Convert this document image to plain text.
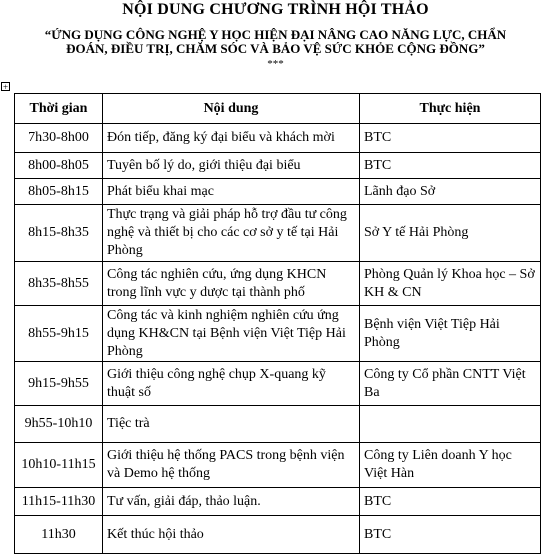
NỘI DUNG CHƯƠNG TRÌNH HỘI THẢO
“ỨNG DỤNG CÔNG NGHỆ Y HỌC HIỆN ĐẠI NÂNG CAO NĂNG LỰC, CHẨN
ĐOÁN, ĐIỀU TRỊ, CHĂM SÓC VÀ BẢO VỆ SỨC KHỎE CỘNG ĐỒNG”
***
+
Thời gian	Nội dung	Thực hiện
7h30-8h00	Đón tiếp, đăng ký đại biểu và khách mời	BTC
8h00-8h05	Tuyên bố lý do, giới thiệu đại biểu	BTC
8h05-8h15	Phát biểu khai mạc	Lãnh đạo Sở
8h15-8h35	Thực trạng và giải pháp hỗ trợ đầu tư công nghệ và thiết bị cho các cơ sở y tế tại Hải Phòng	Sở Y tế Hải Phòng
8h35-8h55	Công tác nghiên cứu, ứng dụng KHCN trong lĩnh vực y dược tại thành phố	Phòng Quản lý Khoa học – Sở KH & CN
8h55-9h15	Công tác và kinh nghiệm nghiên cứu ứng dụng KH&CN tại Bệnh viện Việt Tiệp Hải Phòng	Bệnh viện Việt Tiệp Hải Phòng
9h15-9h55	Giới thiệu công nghệ chụp X-quang kỹ thuật số	Công ty Cổ phần CNTT Việt Ba
9h55-10h10	Tiệc trà	
10h10-11h15	Giới thiệu hệ thống PACS trong bệnh viện và Demo hệ thống	Công ty Liên doanh Y học Việt Hàn
11h15-11h30	Tư vấn, giải đáp, thảo luận.	BTC
11h30	Kết thúc hội thảo	BTC
